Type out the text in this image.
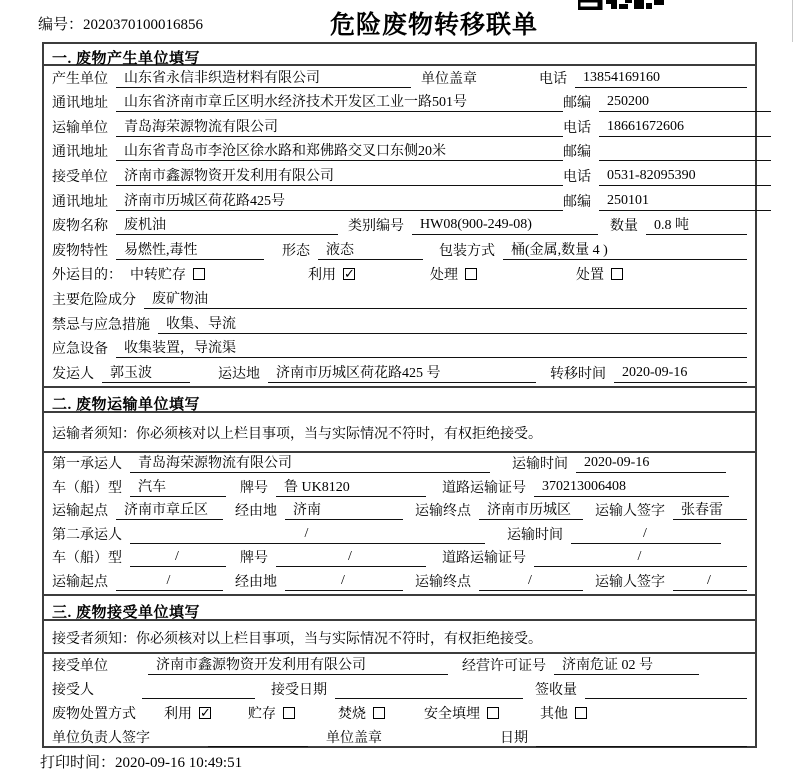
编号：2020370100016856	危险废物转移联单
一. 废物产生单位填写
产生单位	山东省永信非织造材料有限公司	单位盖章	电话	13854169160
通讯地址	山东省济南市章丘区明水经济技术开发区工业一路501号	邮编	250200
运输单位	青岛海荣源物流有限公司	电话	18661672606
通讯地址	山东省青岛市李沧区徐水路和郑佛路交叉口东侧20米	邮编
接受单位	济南市鑫源物资开发利用有限公司	电话	0531-82095390
通讯地址	济南市历城区荷花路425号	邮编	250101
废物名称	废机油	类别编号	HW08(900-249-08)	数量	0.8 吨
废物特性	易燃性,毒性	形态	液态	包装方式	桶(金属,数量 4 )
外运目的： 中转贮存	利用 ✓	处理	处置
主要危险成分	废矿物油
禁忌与应急措施	收集、导流
应急设备	收集装置，导流渠
发运人	郭玉波	运达地	济南市历城区荷花路425 号	转移时间	2020-09-16
二. 废物运输单位填写
运输者须知：你必须核对以上栏目事项，当与实际情况不符时，有权拒绝接受。
第一承运人	青岛海荣源物流有限公司	运输时间	2020-09-16
车（船）型	汽车	牌号	鲁 UK8120	道路运输证号	370213006408
运输起点	济南市章丘区	经由地	济南	运输终点	济南市历城区	运输人签字	张春雷
第二承运人	/	运输时间	/
车（船）型	/	牌号	/	道路运输证号	/
运输起点	/	经由地	/	运输终点	/	运输人签字	/
三. 废物接受单位填写
接受者须知：你必须核对以上栏目事项，当与实际情况不符时，有权拒绝接受。
接受单位	济南市鑫源物资开发利用有限公司	经营许可证号	济南危证 02 号
接受人	接受日期	签收量
废物处置方式	利用 ✓	贮存	焚烧	安全填埋	其他
单位负责人签字	单位盖章	日期
打印时间：2020-09-16 10:49:51
